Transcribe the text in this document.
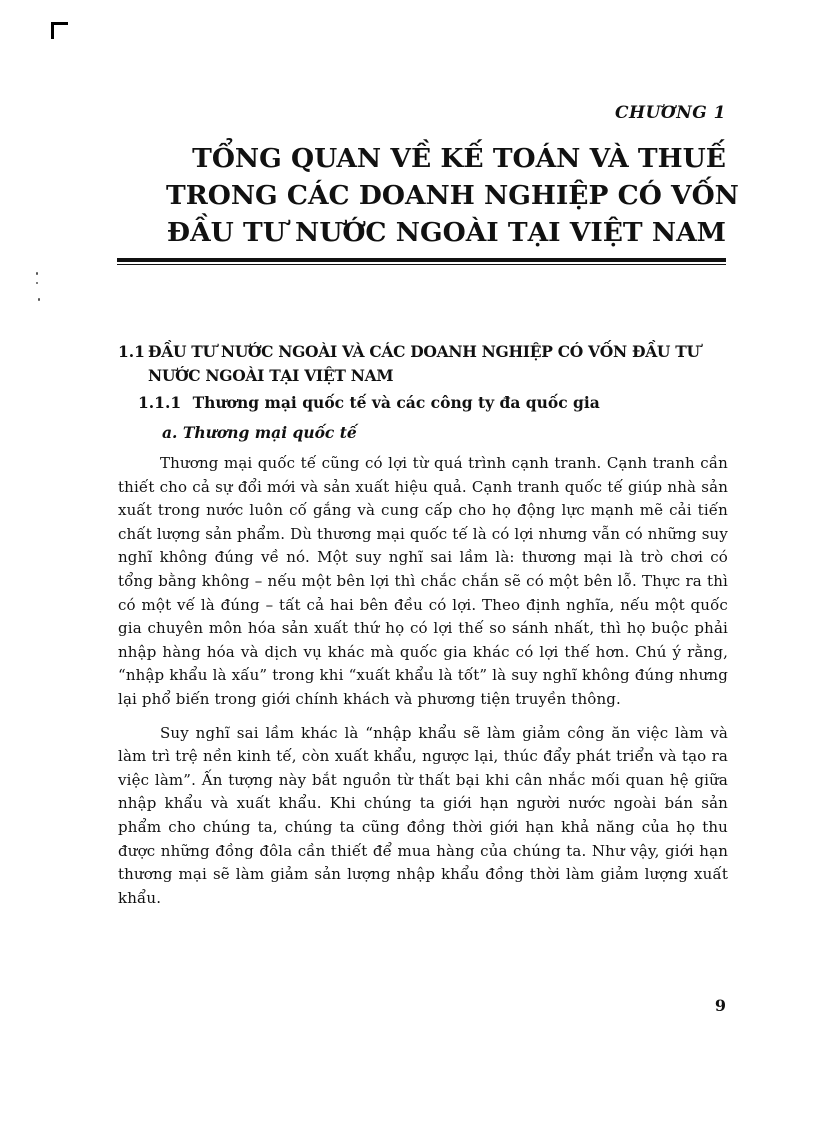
CHƯƠNG 1
TỔNG QUAN VỀ KẾ TOÁN VÀ THUẾ
TRONG CÁC DOANH NGHIỆP CÓ VỐN
ĐẦU TƯ NƯỚC NGOÀI TẠI VIỆT NAM
1.1 ĐẦU TƯ NƯỚC NGOÀI VÀ CÁC DOANH NGHIỆP CÓ VỐN ĐẦU TƯ NƯỚC NGOÀI TẠI VIỆT NAM
1.1.1 Thương mại quốc tế và các công ty đa quốc gia
a. Thương mại quốc tế

Thương mại quốc tế cũng có lợi từ quá trình cạnh tranh. Cạnh tranh cần thiết cho cả sự đổi mới và sản xuất hiệu quả. Cạnh tranh quốc tế giúp nhà sản xuất trong nước luôn cố gắng và cung cấp cho họ động lực mạnh mẽ cải tiến chất lượng sản phẩm. Dù thương mại quốc tế là có lợi nhưng vẫn có những suy nghĩ không đúng về nó. Một suy nghĩ sai lầm là: thương mại là trò chơi có tổng bằng không – nếu một bên lợi thì chắc chắn sẽ có một bên lỗ. Thực ra thì có một vế là đúng – tất cả hai bên đều có lợi. Theo định nghĩa, nếu một quốc gia chuyên môn hóa sản xuất thứ họ có lợi thế so sánh nhất, thì họ buộc phải nhập hàng hóa và dịch vụ khác mà quốc gia khác có lợi thế hơn. Chú ý rằng, “nhập khẩu là xấu” trong khi “xuất khẩu là tốt” là suy nghĩ không đúng nhưng lại phổ biến trong giới chính khách và phương tiện truyền thông.

Suy nghĩ sai lầm khác là “nhập khẩu sẽ làm giảm công ăn việc làm và làm trì trệ nền kinh tế, còn xuất khẩu, ngược lại, thúc đẩy phát triển và tạo ra việc làm”. Ấn tượng này bắt nguồn từ thất bại khi cân nhắc mối quan hệ giữa nhập khẩu và xuất khẩu. Khi chúng ta giới hạn người nước ngoài bán sản phẩm cho chúng ta, chúng ta cũng đồng thời giới hạn khả năng của họ thu được những đồng đôla cần thiết để mua hàng của chúng ta. Như vậy, giới hạn thương mại sẽ làm giảm sản lượng nhập khẩu đồng thời làm giảm lượng xuất khẩu.

9
